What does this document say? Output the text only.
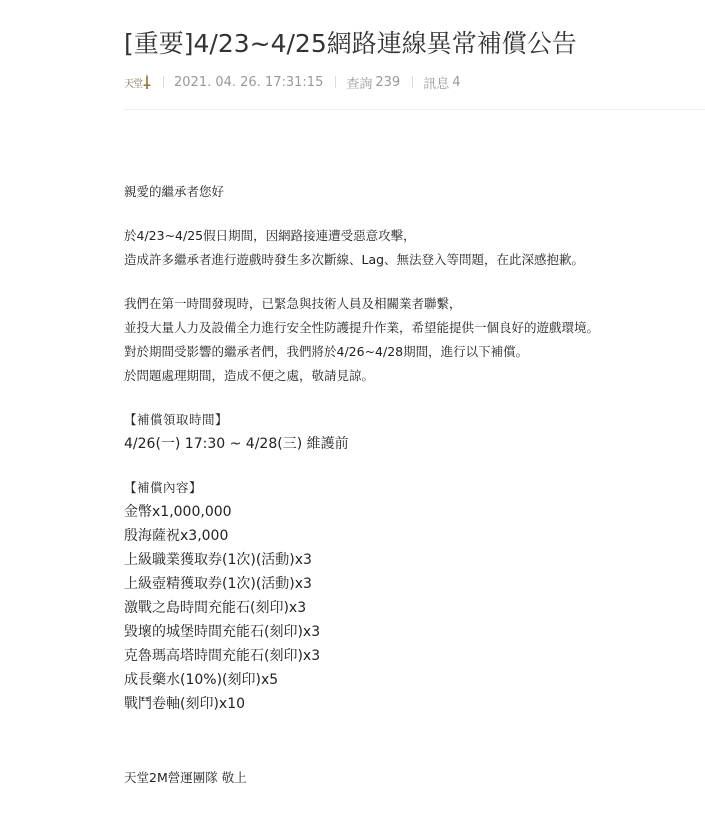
[重要]4/23~4/25網路連線異常補償公告
天堂 2021. 04. 26. 17:31:15 查詢 239 訊息 4
親愛的繼承者您好
於4/23~4/25假日期間，因網路接連遭受惡意攻擊，
造成許多繼承者進行遊戲時發生多次斷線、Lag、無法登入等問題，在此深感抱歉。
我們在第一時間發現時，已緊急與技術人員及相關業者聯繫，
並投大量人力及設備全力進行安全性防護提升作業，希望能提供一個良好的遊戲環境。
對於期間受影響的繼承者們，我們將於4/26~4/28期間，進行以下補償。
於問題處理期間，造成不便之處，敬請見諒。
【補償領取時間】
4/26(一) 17:30 ~ 4/28(三) 維護前
【補償內容】
金幣x1,000,000
殷海薩祝x3,000
上級職業獲取券(1次)(活動)x3
上級壺精獲取券(1次)(活動)x3
激戰之島時間充能石(刻印)x3
毀壞的城堡時間充能石(刻印)x3
克魯瑪高塔時間充能石(刻印)x3
成長藥水(10%)(刻印)x5
戰鬥卷軸(刻印)x10
天堂2M營運團隊 敬上
